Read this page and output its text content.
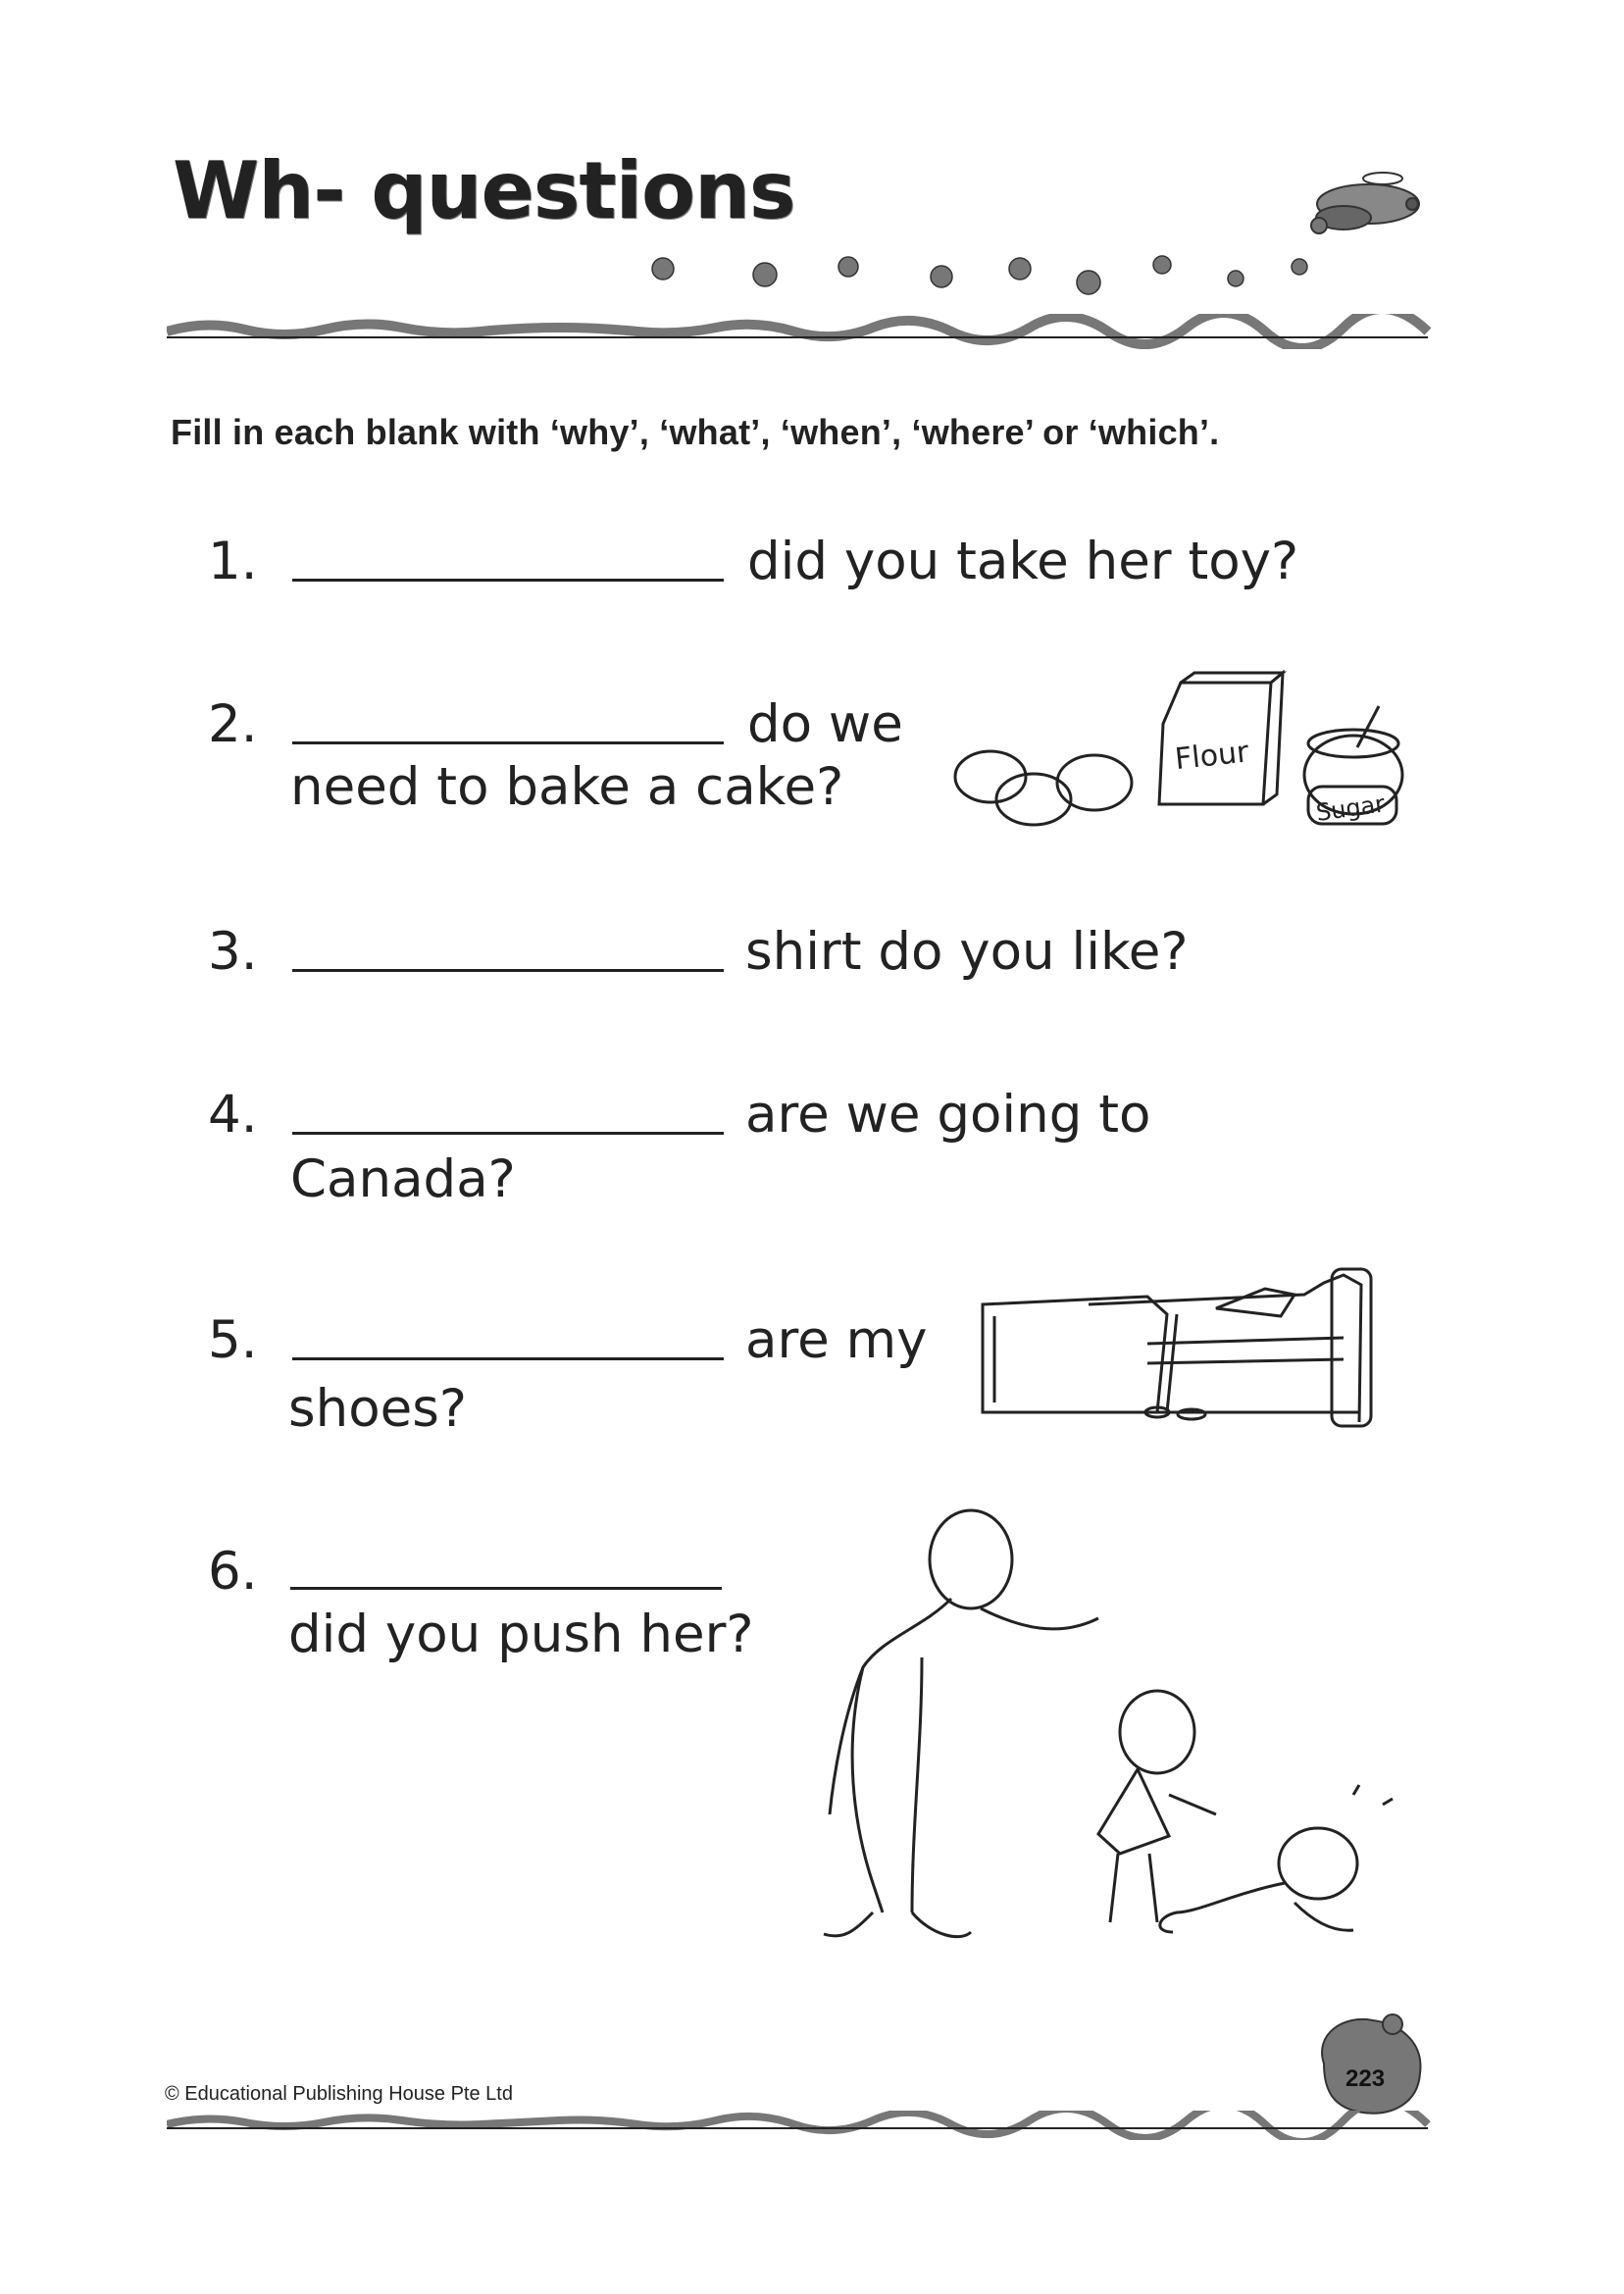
Wh- questions
Fill in each blank with ‘why’, ‘what’, ‘when’, ‘where’ or ‘which’.
1.	did you take her toy?
2.	do we
need to bake a cake?
Flour
Sugar
3.	shirt do you like?
4.	are we going to
Canada?
5.	are my
shoes?
6.
did you push her?
© Educational Publishing House Pte Ltd
223
